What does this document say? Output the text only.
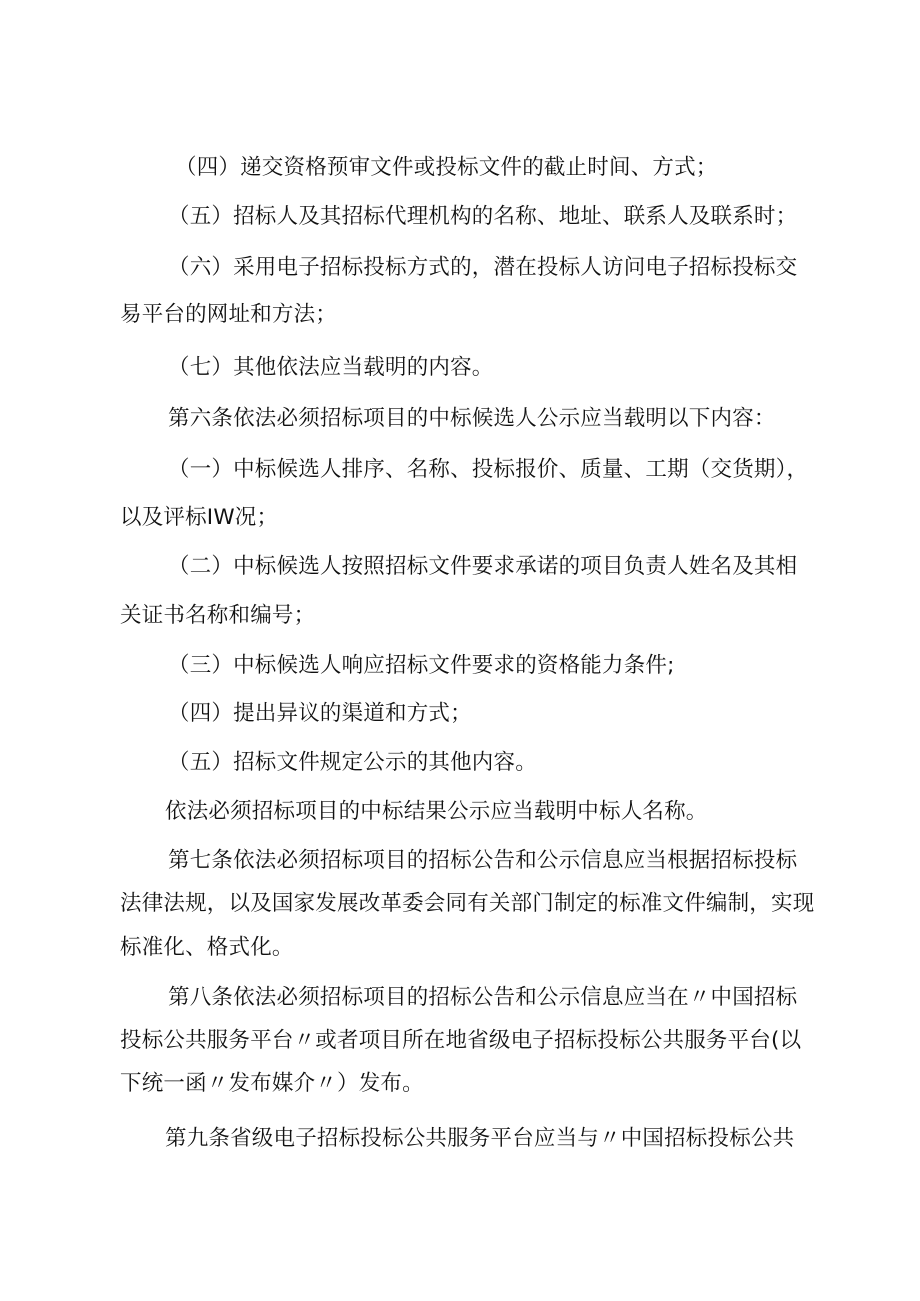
（四）递交资格预审文件或投标文件的截止时间、方式；
（五）招标人及其招标代理机构的名称、地址、联系人及联系时；
（六）采用电子招标投标方式的，潜在投标人访问电子招标投标交
易平台的网址和方法；
（七）其他依法应当载明的内容。
第六条依法必须招标项目的中标候选人公示应当载明以下内容：
（一）中标候选人排序、名称、投标报价、质量、工期（交货期），
以及评标IW况；
（二）中标候选人按照招标文件要求承诺的项目负责人姓名及其相
关证书名称和编号；
（三）中标候选人响应招标文件要求的资格能力条件;
（四）提出异议的渠道和方式；
（五）招标文件规定公示的其他内容。
依法必须招标项目的中标结果公示应当载明中标人名称。
第七条依法必须招标项目的招标公告和公示信息应当根据招标投标
法律法规，以及国家发展改革委会同有关部门制定的标准文件编制，实现
标准化、格式化。
第八条依法必须招标项目的招标公告和公示信息应当在〃中国招标
投标公共服务平台〃或者项目所在地省级电子招标投标公共服务平台(以
下统一函〃发布媒介〃）发布。
第九条省级电子招标投标公共服务平台应当与〃中国招标投标公共
